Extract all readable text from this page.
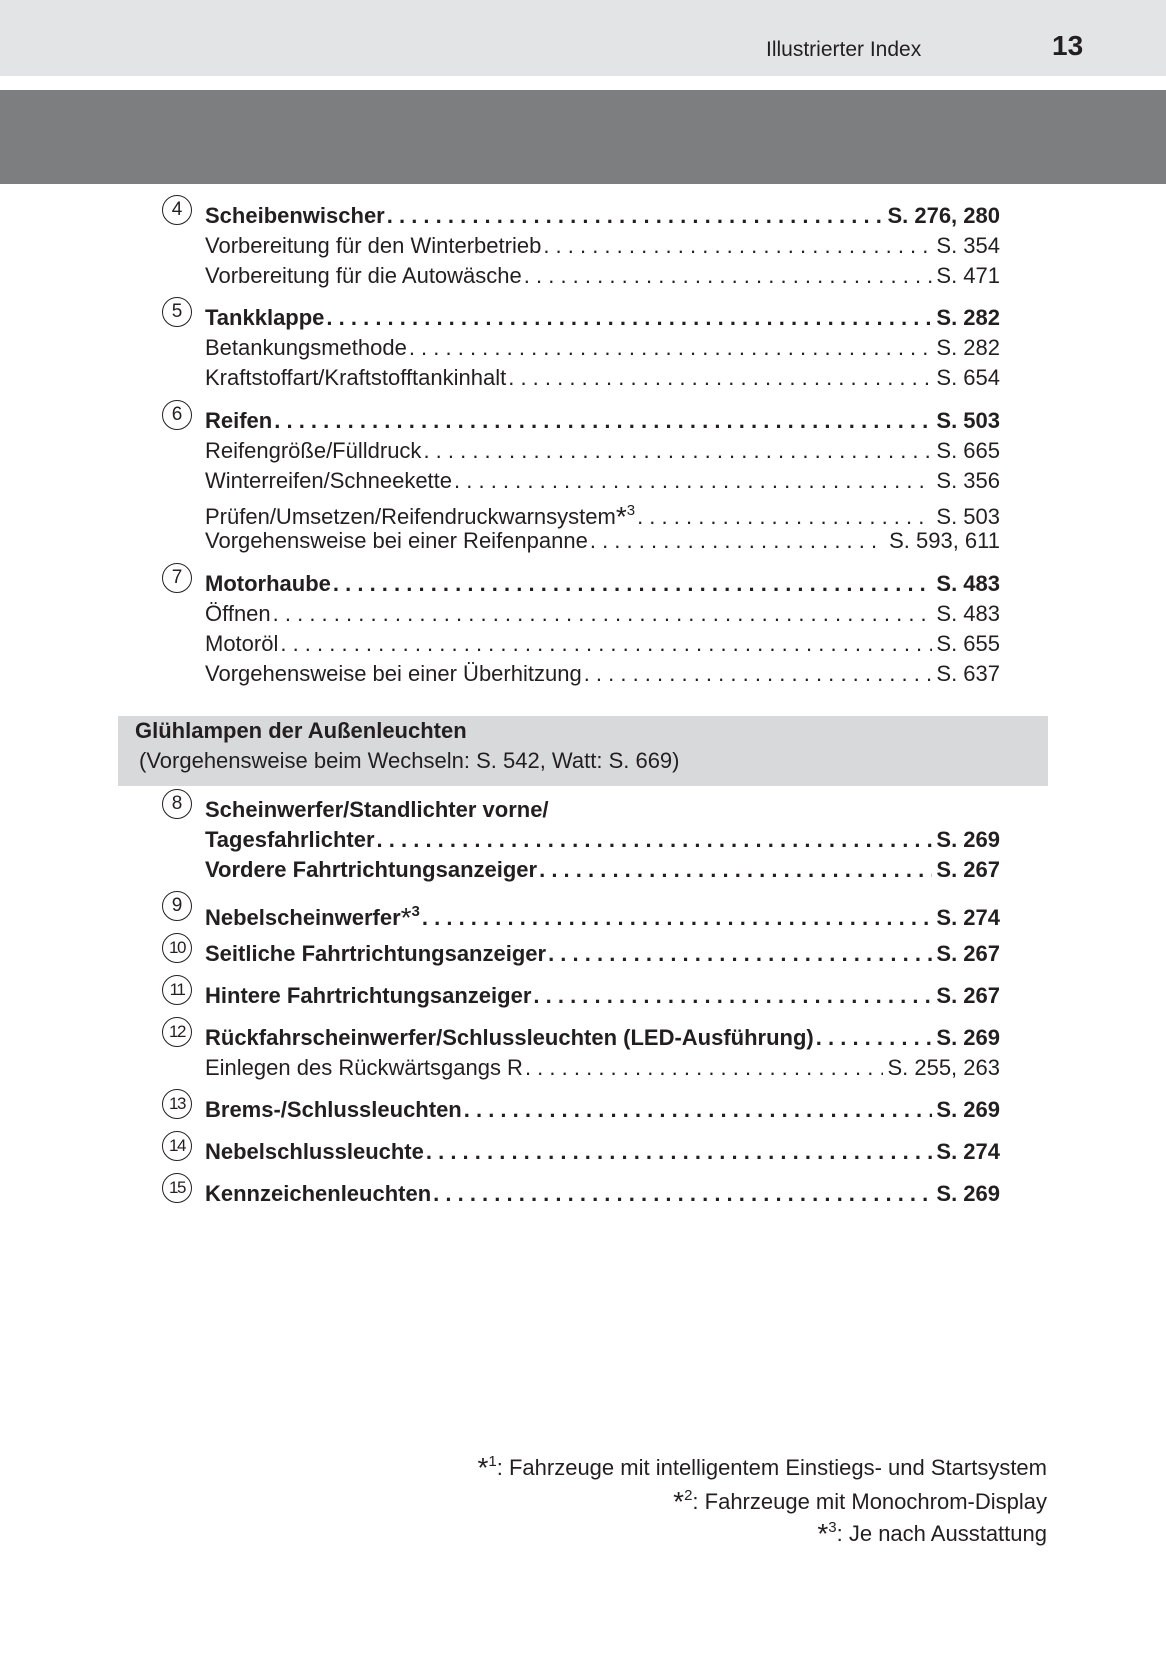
Illustrierter Index	13
4	Scheibenwischer . . .	S. 276, 280
Vorbereitung für den Winterbetrieb . . .	S. 354
Vorbereitung für die Autowäsche . . .	S. 471
5	Tankklappe . . .	S. 282
Betankungsmethode . . .	S. 282
Kraftstoffart/Kraftstofftankinhalt . . .	S. 654
6	Reifen . . .	S. 503
Reifengröße/Fülldruck . . .	S. 665
Winterreifen/Schneekette . . .	S. 356
Prüfen/Umsetzen/Reifendruckwarnsystem*$^3$ . . .	S. 503
Vorgehensweise bei einer Reifenpanne . . .	S. 593, 611
7	Motorhaube . . .	S. 483
Öffnen . . .	S. 483
Motoröl . . .	S. 655
Vorgehensweise bei einer Überhitzung . . .	S. 637
Glühlampen der Außenleuchten
(Vorgehensweise beim Wechseln: S. 542, Watt: S. 669)
8	Scheinwerfer/Standlichter vorne/
Tagesfahrlichter . . .	S. 269
Vordere Fahrtrichtungsanzeiger . . .	S. 267
9	Nebelscheinwerfer*$^3$ . . .	S. 274
10 Seitliche Fahrtrichtungsanzeiger . . .	S. 267
11 Hintere Fahrtrichtungsanzeiger . . .	S. 267
12 Rückfahrscheinwerfer/Schlussleuchten (LED-Ausführung) . . .	S. 269
Einlegen des Rückwärtsgangs R . . .	S. 255, 263
13 Brems-/Schlussleuchten . . .	S. 269
14 Nebelschlussleuchte . . .	S. 274
15 Kennzeichenleuchten . . .	S. 269
*$^1$: Fahrzeuge mit intelligentem Einstiegs- und Startsystem
*$^2$: Fahrzeuge mit Monochrom-Display
*$^3$: Je nach Ausstattung
